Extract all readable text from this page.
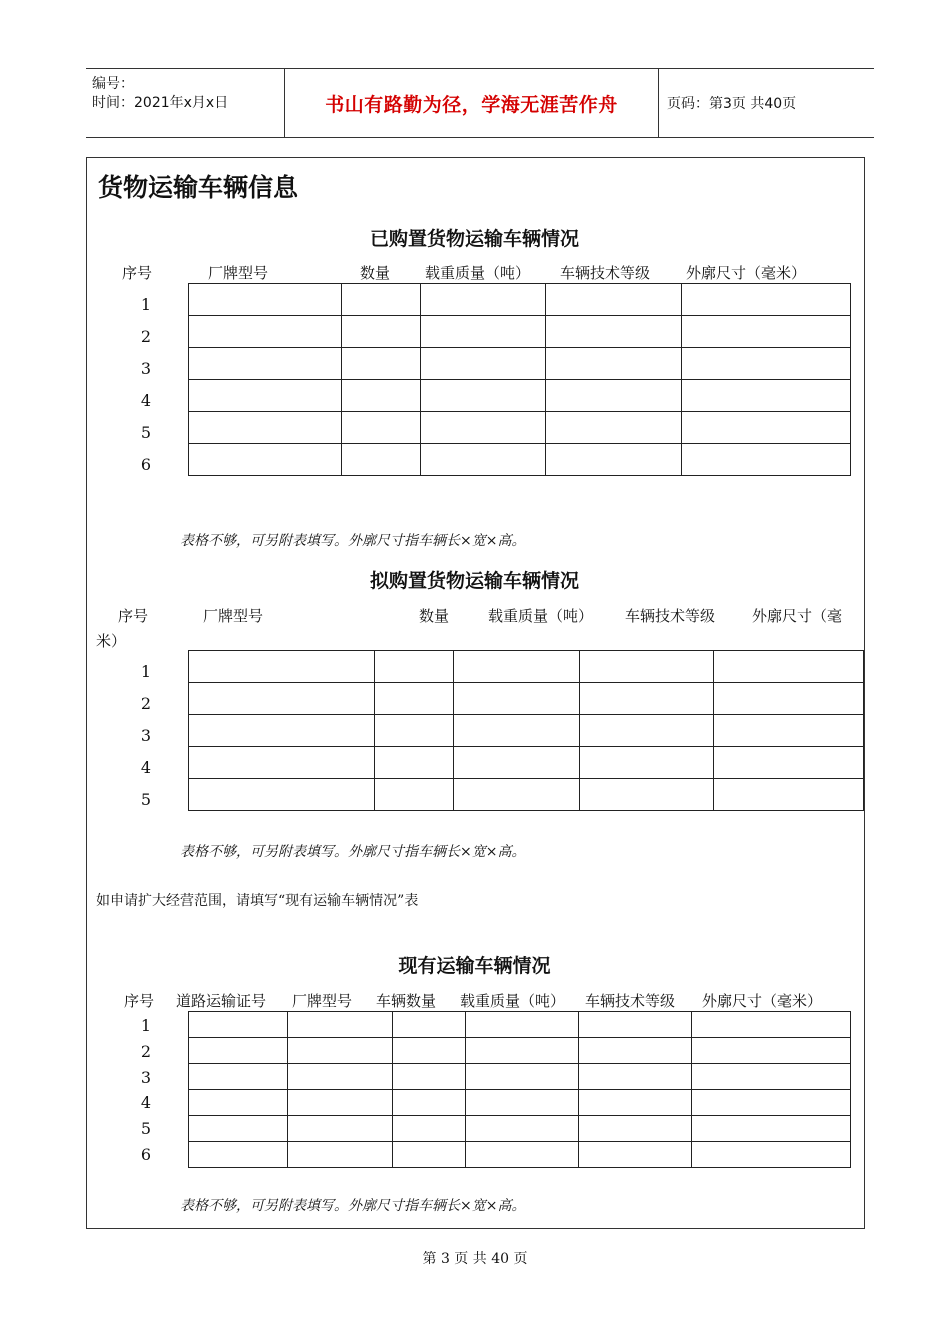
编号：
时间：2021年x月x日	书山有路勤为径，学海无涯苦作舟	页码：第3页 共40页
货物运输车辆信息
已购置货物运输车辆情况
序号	厂牌型号	数量 载重质量（吨） 车辆技术等级 外廓尺寸（毫米）
1
2
3
4
5
6

表格不够，可另附表填写。外廓尺寸指车辆长×宽×高。
拟购置货物运输车辆情况
序号	厂牌型号	数量	载重质量（吨） 车辆技术等级 外廓尺寸（毫
米）
1
2
3
4
5

表格不够，可另附表填写。外廓尺寸指车辆长×宽×高。
如申请扩大经营范围，请填写“现有运输车辆情况”表
现有运输车辆情况
序号 道路运输证号 厂牌型号 车辆数量 载重质量（吨） 车辆技术等级 外廓尺寸（毫米）
1
2
3
4
5
6

表格不够，可另附表填写。外廓尺寸指车辆长×宽×高。
第 3 页 共 40 页
